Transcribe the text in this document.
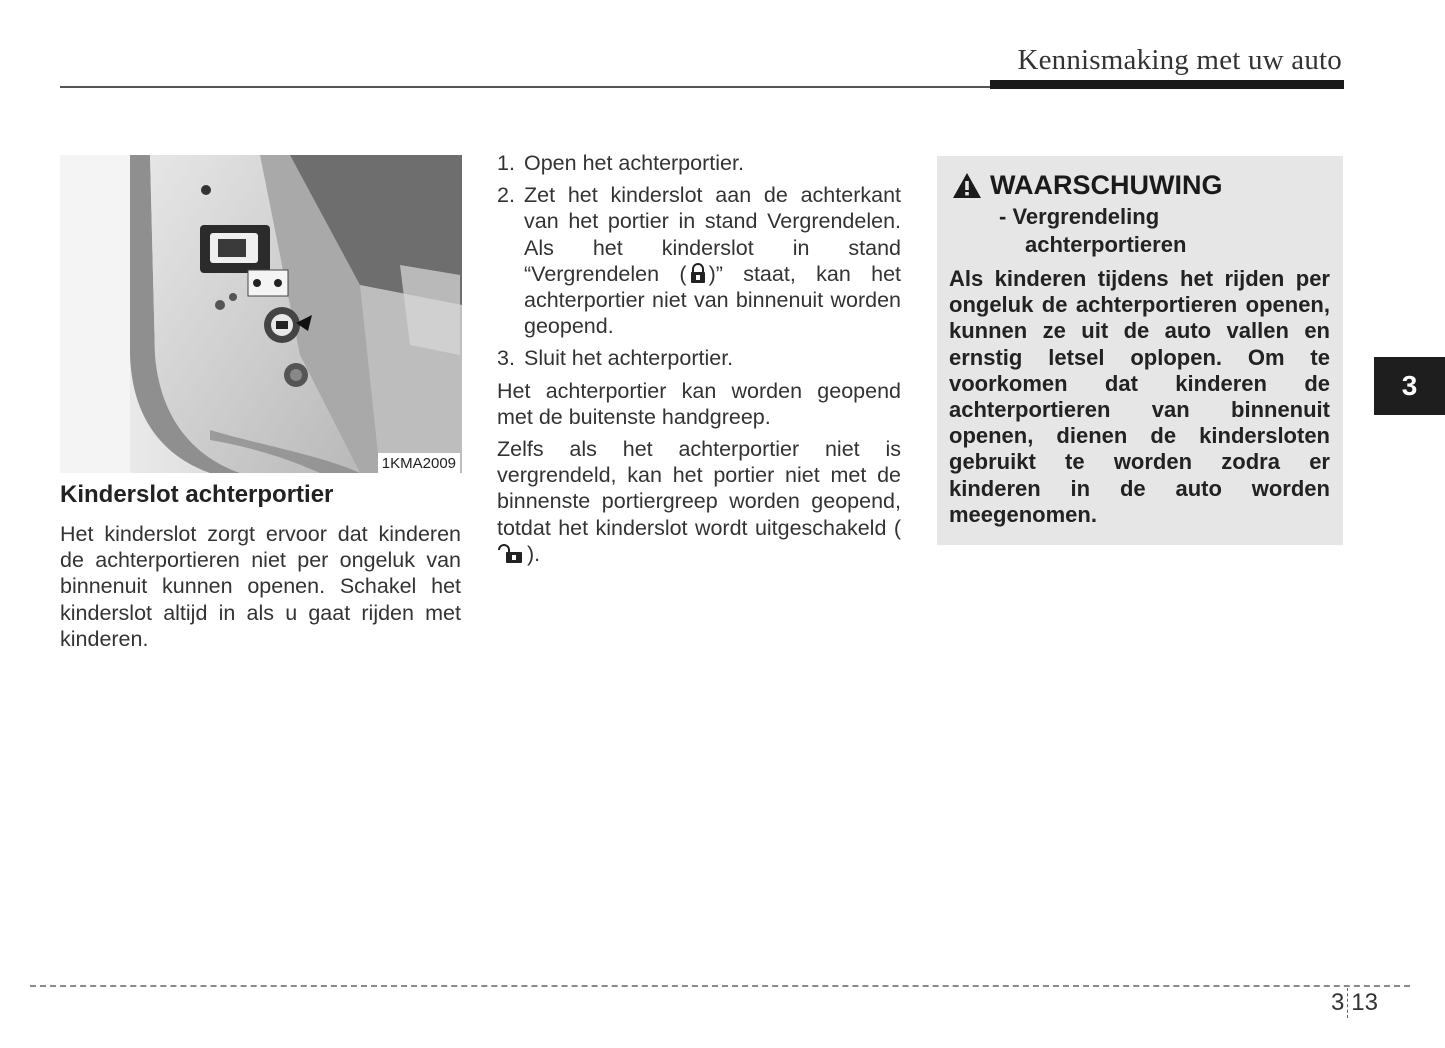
Kennismaking met uw auto
1KMA2009
Kinderslot achterportier

Het kinderslot zorgt ervoor dat kinderen de achterportieren niet per ongeluk van binnenuit kunnen openen. Schakel het kinderslot altijd in als u gaat rijden met kinderen.

1. Open het achterportier.
2. Zet het kinderslot aan de achterkant van het portier in stand Vergrendelen. Als het kinderslot in stand “Vergrendelen ( )” staat, kan het achterportier niet van binnenuit worden geopend.
3. Sluit het achterportier.

Het achterportier kan worden geopend met de buitenste handgreep.

Zelfs als het achterportier niet is vergrendeld, kan het portier niet met de binnenste portiergreep worden geopend, totdat het kinderslot wordt uitgeschakeld ().

WAARSCHUWING
- Vergrendeling
achterportieren

Als kinderen tijdens het rijden per ongeluk de achterportieren openen, kunnen ze uit de auto vallen en ernstig letsel oplopen. Om te voorkomen dat kinderen de achterportieren van binnenuit openen, dienen de kindersloten gebruikt te worden zodra er kinderen in de auto worden meegenomen.

3
3 13
